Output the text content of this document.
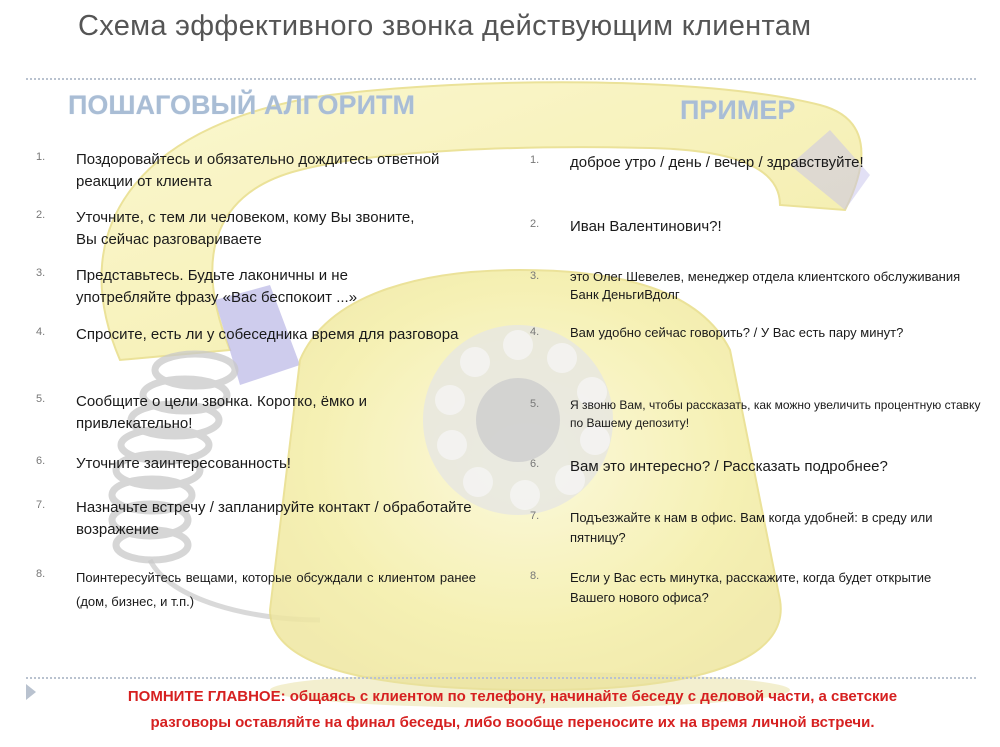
Схема эффективного звонка действующим клиентам
ПОШАГОВЫЙ АЛГОРИТМ	ПРИМЕР
1. Поздоровайтесь и обязательно дождитесь ответной реакции от клиента
2. Уточните, с тем ли человеком, кому Вы звоните, Вы сейчас разговариваете
3. Представьтесь. Будьте лаконичны и не употребляйте фразу «Вас беспокоит ...»
4. Спросите, есть ли у собеседника время для разговора
5. Сообщите о цели звонка. Коротко, ёмко и привлекательно!
6. Уточните заинтересованность!
7. Назначьте встречу / запланируйте контакт / обработайте возражение
8. Поинтересуйтесь вещами, которые обсуждали с клиентом ранее (дом, бизнес, и т.п.)
1. доброе утро / день / вечер / здравствуйте!
2. Иван Валентинович?!
3. это Олег Шевелев, менеджер отдела клиентского обслуживания Банк ДеньгиВдолг
4. Вам удобно сейчас говорить? / У Вас есть пару минут?
5.	Я звоню Вам, чтобы рассказать, как можно увеличить процентную ставку по Вашему депозиту!
6. Вам это интересно? / Рассказать подробнее?
7. Подъезжайте к нам в офис. Вам когда удобней: в среду или пятницу?
8. Если у Вас есть минутка, расскажите, когда будет открытие Вашего нового офиса?
ПОМНИТЕ ГЛАВНОЕ: общаясь с клиентом по телефону, начинайте беседу с деловой части, а светские
разговоры оставляйте на финал беседы, либо вообще переносите их на время личной встречи.
